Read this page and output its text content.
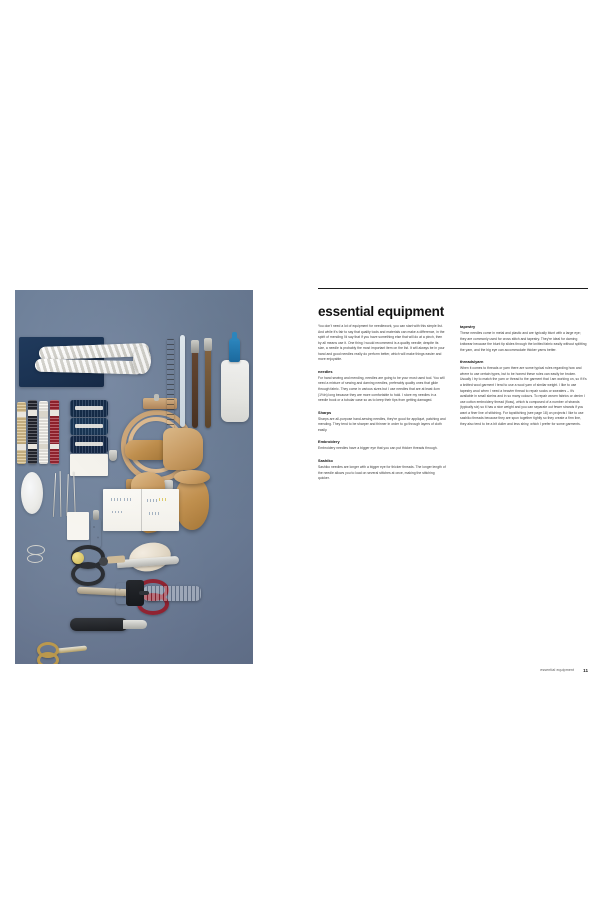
essential equipment

You don't need a lot of equipment for needlework, you can start with this simple list. And while it's fair to say that quality tools and materials can make a difference, in the spirit of mending I'd say that if you have something else that will do at a pinch, then by all means use it. One thing I would recommend is a quality needle; despite its size, a needle is probably the most important item on the list. It will always be in your hand and good needles really do perform better, which will make things easier and more enjoyable.

needles

For hand sewing and mending, needles are going to be your most used tool. You will need a mixture of sewing and darning needles, preferably quality ones that glide through fabric. They come in various sizes but I use needles that are at least 4cm (1½in) long because they are more comfortable to hold. I store my needles in a needle book or a tubular case so as to keep their tips from getting damaged.

Sharps

Sharps are all-purpose hand-sewing needles, they're good for appliqué, patching and mending. They tend to be sharper and thinner in order to go through layers of cloth easily.

Embroidery

Embroidery needles have a bigger eye that you can put thicker threads through.

Sashiko

Sashiko needles are longer with a bigger eye for thicker threads. The longer length of the needle allows you to load on several stitches at once, making the stitching quicker.

tapestry

These needles come in metal and plastic and are typically blunt with a large eye; they are commonly used for cross stitch and tapestry. They're ideal for darning knitwear because the blunt tip slides through the knitted fabric easily without splitting the yarn, and the big eye can accommodate thicker yarns better.

threads/yarn

When it comes to threads or yarn there are some typical rules regarding how and where to use certain types, but to be honest these rules can easily be broken. Usually I try to match the yarn or thread to the garment that I am working on, so if it's a knitted wool garment I tend to use a wool yarn of similar weight. I like to use tapestry wool when I need a heavier thread to repair socks or sweaters – it's available in small skeins and in so many colours. To repair woven fabrics or denim I use cotton embroidery thread (floss), which is composed of a number of strands (typically six) so it has a nice weight and you can separate out fewer strands if you want a finer line of stitching. For topstitching (see page 18) on projects I like to use sashiko threads because they are spun together tightly so they create a firm line, they also tend to be a bit duller and less shiny, which I prefer for some garments.

essential equipment 11
